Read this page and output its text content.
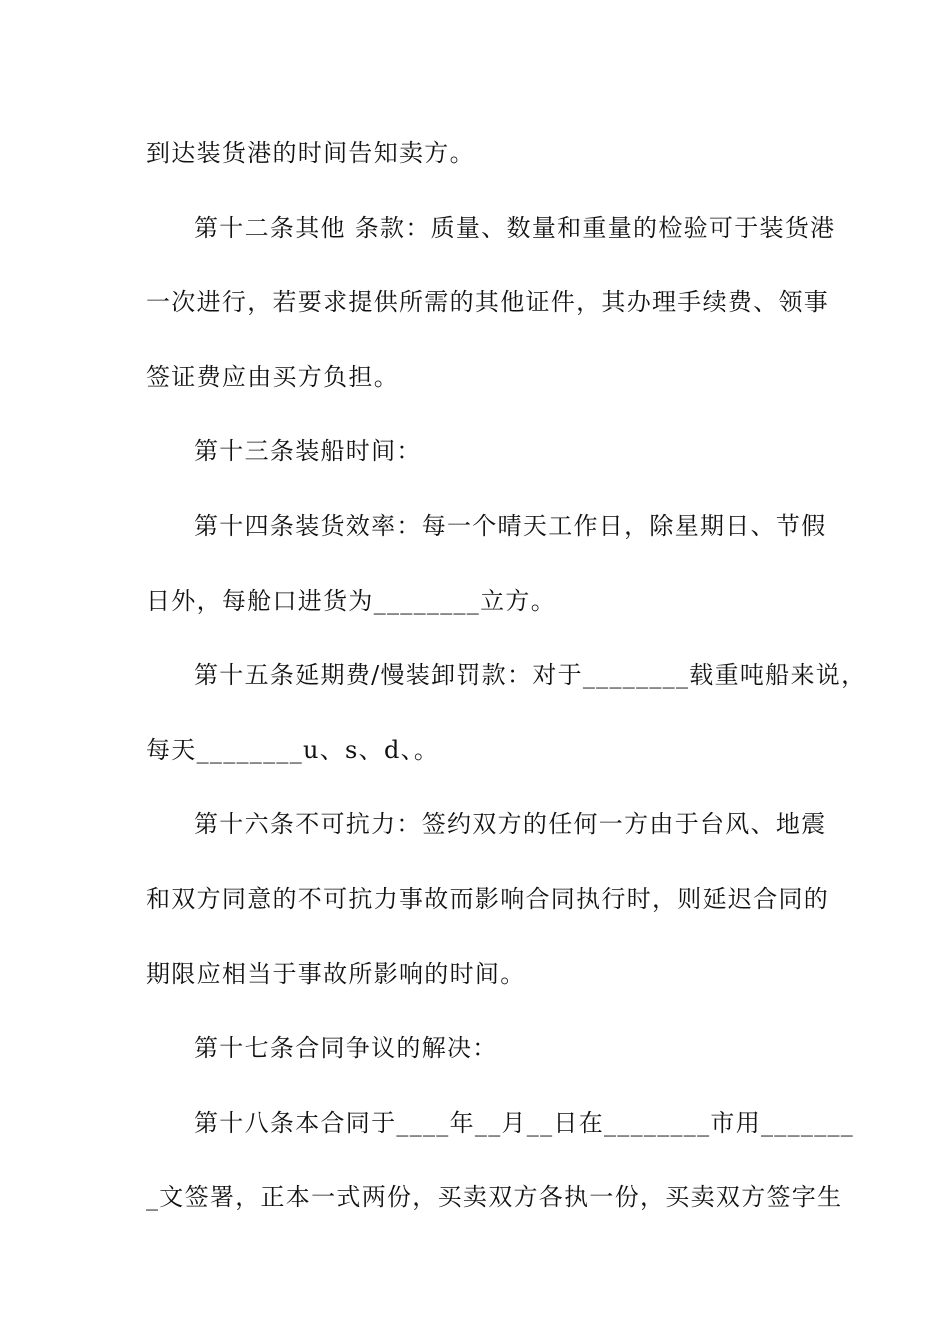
到达装货港的时间告知卖方。
第十二条其他 条款：质量、数量和重量的检验可于装货港
一次进行，若要求提供所需的其他证件，其办理手续费、领事
签证费应由买方负担。
第十三条装船时间：
第十四条装货效率：每一个晴天工作日，除星期日、节假
日外，每舱口进货为________立方。
第十五条延期费/慢装卸罚款：对于________载重吨船来说，
每天________u、s、d、。
第十六条不可抗力：签约双方的任何一方由于台风、地震
和双方同意的不可抗力事故而影响合同执行时，则延迟合同的
期限应相当于事故所影响的时间。
第十七条合同争议的解决：
第十八条本合同于____年__月__日在________市用_______
_文签署，正本一式两份，买卖双方各执一份，买卖双方签字生
